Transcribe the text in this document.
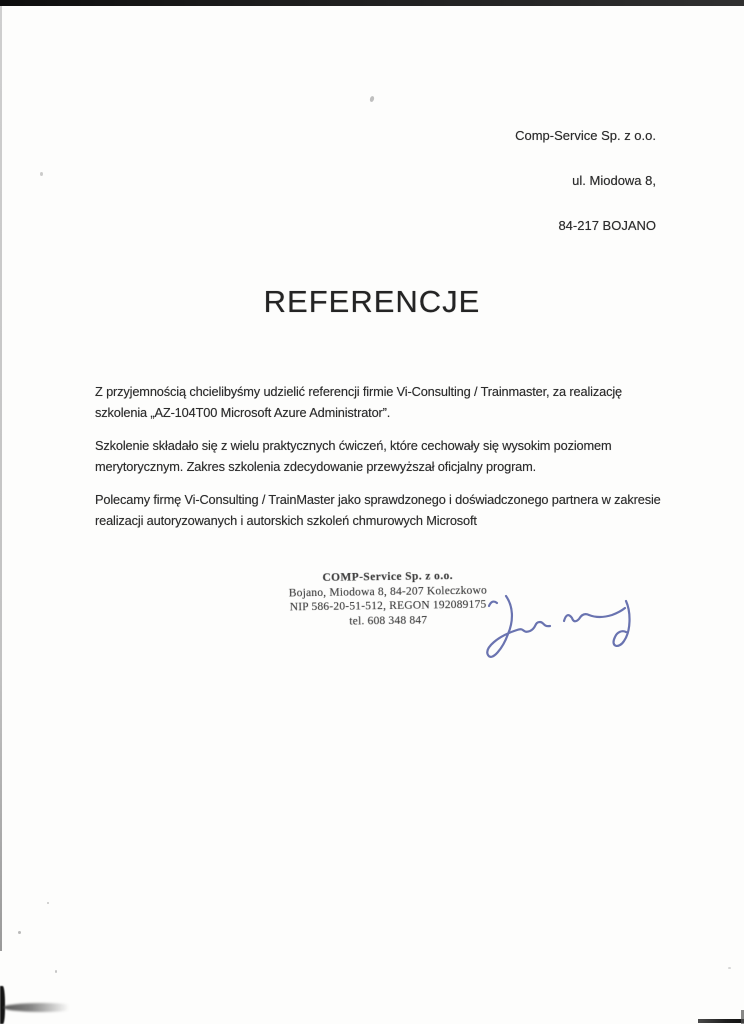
Comp-Service Sp. z o.o.
ul. Miodowa 8,
84-217 BOJANO
REFERENCJE
Z przyjemnością chcielibyśmy udzielić referencji firmie Vi-Consulting / Trainmaster, za realizację
szkolenia „AZ-104T00 Microsoft Azure Administrator”.
Szkolenie składało się z wielu praktycznych ćwiczeń, które cechowały się wysokim poziomem
merytorycznym. Zakres szkolenia zdecydowanie przewyższał oficjalny program.
Polecamy firmę Vi-Consulting / TrainMaster jako sprawdzonego i doświadczonego partnera w zakresie
realizacji autoryzowanych i autorskich szkoleń chmurowych Microsoft
COMP-Service Sp. z o.o.
Bojano, Miodowa 8, 84-207 Koleczkowo
NIP 586-20-51-512, REGON 192089175
tel. 608 348 847
